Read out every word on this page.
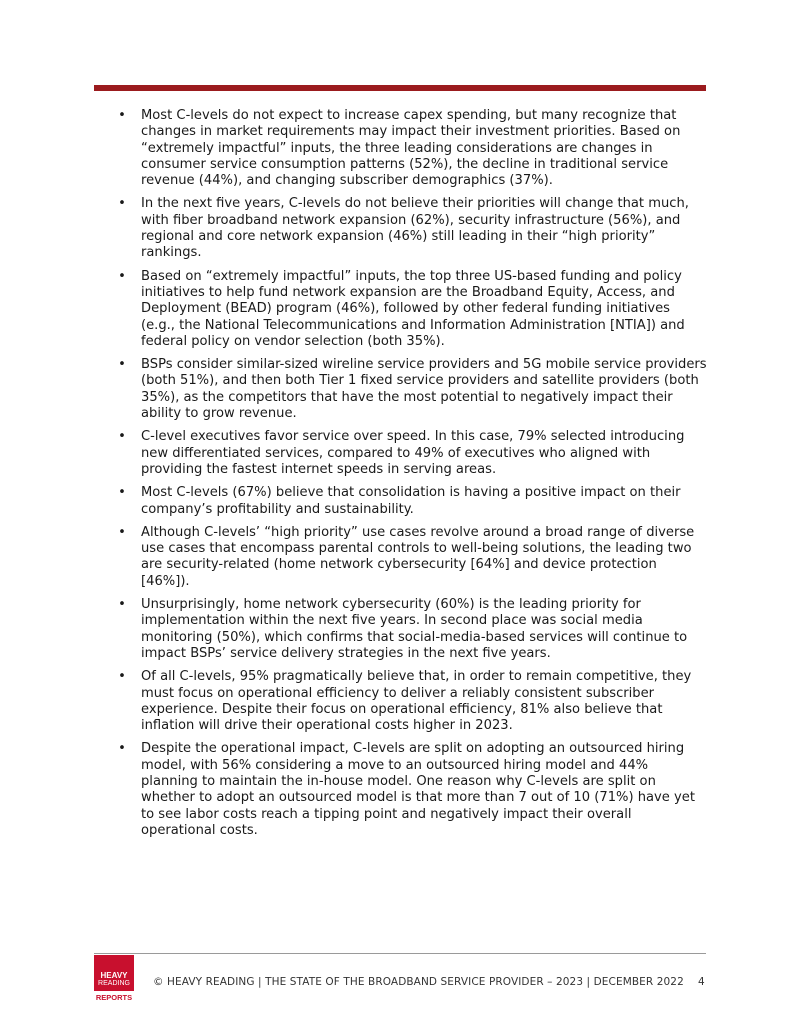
• Most C-levels do not expect to increase capex spending, but many recognize that changes in market requirements may impact their investment priorities. Based on “extremely impactful” inputs, the three leading considerations are changes in consumer service consumption patterns (52%), the decline in traditional service revenue (44%), and changing subscriber demographics (37%).
• In the next five years, C-levels do not believe their priorities will change that much, with fiber broadband network expansion (62%), security infrastructure (56%), and regional and core network expansion (46%) still leading in their “high priority” rankings.
• Based on “extremely impactful” inputs, the top three US-based funding and policy initiatives to help fund network expansion are the Broadband Equity, Access, and Deployment (BEAD) program (46%), followed by other federal funding initiatives (e.g., the National Telecommunications and Information Administration [NTIA]) and federal policy on vendor selection (both 35%).
• BSPs consider similar-sized wireline service providers and 5G mobile service providers (both 51%), and then both Tier 1 fixed service providers and satellite providers (both 35%), as the competitors that have the most potential to negatively impact their ability to grow revenue.
• C-level executives favor service over speed. In this case, 79% selected introducing new differentiated services, compared to 49% of executives who aligned with providing the fastest internet speeds in serving areas.
• Most C-levels (67%) believe that consolidation is having a positive impact on their company’s profitability and sustainability.
• Although C-levels’ “high priority” use cases revolve around a broad range of diverse use cases that encompass parental controls to well-being solutions, the leading two are security-related (home network cybersecurity [64%] and device protection [46%]).
• Unsurprisingly, home network cybersecurity (60%) is the leading priority for implementation within the next five years. In second place was social media monitoring (50%), which confirms that social-media-based services will continue to impact BSPs’ service delivery strategies in the next five years.
• Of all C-levels, 95% pragmatically believe that, in order to remain competitive, they must focus on operational efficiency to deliver a reliably consistent subscriber experience. Despite their focus on operational efficiency, 81% also believe that inflation will drive their operational costs higher in 2023.
• Despite the operational impact, C-levels are split on adopting an outsourced hiring model, with 56% considering a move to an outsourced hiring model and 44% planning to maintain the in-house model. One reason why C-levels are split on whether to adopt an outsourced model is that more than 7 out of 10 (71%) have yet to see labor costs reach a tipping point and negatively impact their overall operational costs.
HEAVY
READING
REPORTS
© HEAVY READING | THE STATE OF THE BROADBAND SERVICE PROVIDER – 2023 | DECEMBER 2022 4
